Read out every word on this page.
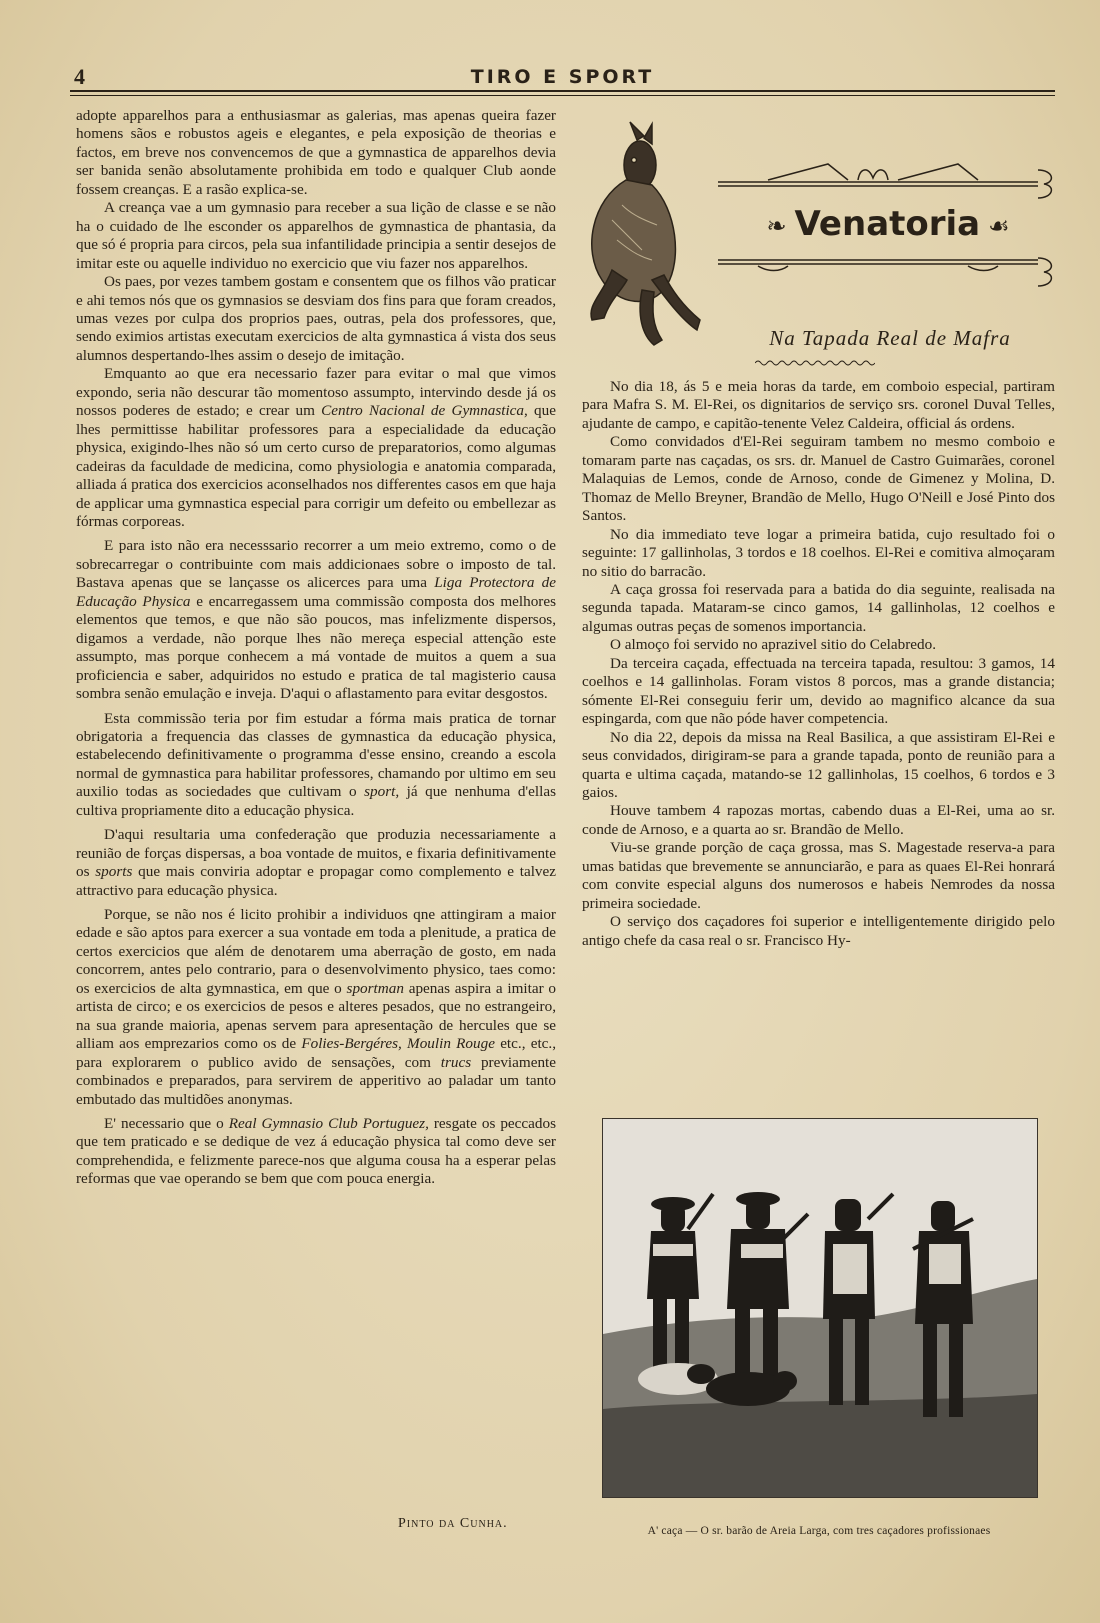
4	TIRO E SPORT

adopte apparelhos para a enthusiasmar as galerias, mas apenas queira fazer homens sãos e robustos ageis e elegantes, e pela exposição de theorias e factos, em breve nos convencemos de que a gymnastica de apparelhos devia ser banida senão absolutamente prohibida em todo e qualquer Club aonde fossem creanças. E a rasão explica-se.

A creança vae a um gymnasio para receber a sua lição de classe e se não ha o cuidado de lhe esconder os apparelhos de gymnastica de phantasia, da que só é propria para circos, pela sua infantilidade principia a sentir desejos de imitar este ou aquelle individuo no exercicio que viu fazer nos apparelhos.

Os paes, por vezes tambem gostam e consentem que os filhos vão praticar e ahi temos nós que os gymnasios se desviam dos fins para que foram creados, umas vezes por culpa dos proprios paes, outras, pela dos professores, que, sendo eximios artistas executam exercicios de alta gymnastica á vista dos seus alumnos despertando-lhes assim o desejo de imitação.

Emquanto ao que era necessario fazer para evitar o mal que vimos expondo, seria não descurar tão momentoso assumpto, intervindo desde já os nossos poderes de estado; e crear um Centro Nacional de Gymnastica, que lhes permittisse habilitar professores para a especialidade da educação physica, exigindo-lhes não só um certo curso de preparatorios, como algumas cadeiras da faculdade de medicina, como physiologia e anatomia comparada, alliada á pratica dos exercicios aconselhados nos differentes casos em que haja de applicar uma gymnastica especial para corrigir um defeito ou embellezar as fórmas corporeas.

E para isto não era necesssario recorrer a um meio extremo, como o de sobrecarregar o contribuinte com mais addicionaes sobre o imposto de tal. Bastava apenas que se lançasse os alicerces para uma Liga Protectora de Educação Physica e encarregassem uma commissão composta dos melhores elementos que temos, e que não são poucos, mas infelizmente dispersos, digamos a verdade, não porque lhes não mereça especial attenção este assumpto, mas porque conhecem a má vontade de muitos a quem a sua proficiencia e saber, adquiridos no estudo e pratica de tal magisterio causa sombra senão emulação e inveja. D'aqui o aflastamento para evitar desgostos.

Esta commissão teria por fim estudar a fórma mais pratica de tornar obrigatoria a frequencia das classes de gymnastica da educação physica, estabelecendo definitivamente o programma d'esse ensino, creando a escola normal de gymnastica para habilitar professores, chamando por ultimo em seu auxilio todas as sociedades que cultivam o sport, já que nenhuma d'ellas cultiva propriamente dito a educação physica.

D'aqui resultaria uma confederação que produzia necessariamente a reunião de forças dispersas, a boa vontade de muitos, e fixaria definitivamente os sports que mais conviria adoptar e propagar como complemento e talvez attractivo para educação physica.

Porque, se não nos é licito prohibir a individuos qne attingiram a maior edade e são aptos para exercer a sua vontade em toda a plenitude, a pratica de certos exercicios que além de denotarem uma aberração de gosto, em nada concorrem, antes pelo contrario, para o desenvolvimento physico, taes como: os exercicios de alta gymnastica, em que o sportman apenas aspira a imitar o artista de circo; e os exercicios de pesos e alteres pesados, que no estrangeiro, na sua grande maioria, apenas servem para apresentação de hercules que se alliam aos emprezarios como os de Folies-Bergéres, Moulin Rouge etc., etc., para explorarem o publico avido de sensações, com trucs previamente combinados e preparados, para servirem de apperitivo ao paladar um tanto embutado das multidões anonymas.

E' necessario que o Real Gymnasio Club Portuguez, resgate os peccados que tem praticado e se dedique de vez á educação physica tal como deve ser comprehendida, e felizmente parece-nos que alguma cousa ha a esperar pelas reformas que vae operando se bem que com pouca energia.

Pinto da Cunha.
❧ Venatoria ☙
Na Tapada Real de Mafra

No dia 18, ás 5 e meia horas da tarde, em comboio especial, partiram para Mafra S. M. El-Rei, os dignitarios de serviço srs. coronel Duval Telles, ajudante de campo, e capitão-tenente Velez Caldeira, official ás ordens.

Como convidados d'El-Rei seguiram tambem no mesmo comboio e tomaram parte nas caçadas, os srs. dr. Manuel de Castro Guimarães, coronel Malaquias de Lemos, conde de Arnoso, conde de Gimenez y Molina, D. Thomaz de Mello Breyner, Brandão de Mello, Hugo O'Neill e José Pinto dos Santos.

No dia immediato teve logar a primeira batida, cujo resultado foi o seguinte: 17 gallinholas, 3 tordos e 18 coelhos. El-Rei e comitiva almoçaram no sitio do barracão.

A caça grossa foi reservada para a batida do dia seguinte, realisada na segunda tapada. Mataram-se cinco gamos, 14 gallinholas, 12 coelhos e algumas outras peças de somenos importancia.

O almoço foi servido no aprazivel sitio do Celabredo.

Da terceira caçada, effectuada na terceira tapada, resultou: 3 gamos, 14 coelhos e 14 gallinholas. Foram vistos 8 porcos, mas a grande distancia; sómente El-Rei conseguiu ferir um, devido ao magnifico alcance da sua espingarda, com que não póde haver competencia.

No dia 22, depois da missa na Real Basilica, a que assistiram El-Rei e seus convidados, dirigiram-se para a grande tapada, ponto de reunião para a quarta e ultima caçada, matando-se 12 gallinholas, 15 coelhos, 6 tordos e 3 gaios.

Houve tambem 4 rapozas mortas, cabendo duas a El-Rei, uma ao sr. conde de Arnoso, e a quarta ao sr. Brandão de Mello.

Viu-se grande porção de caça grossa, mas S. Magestade reserva-a para umas batidas que brevemente se annunciarão, e para as quaes El-Rei honrará com convite especial alguns dos numerosos e habeis Nemrodes da nossa primeira sociedade.

O serviço dos caçadores foi superior e intelligentemente dirigido pelo antigo chefe da casa real o sr. Francisco Hy-

A' caça — O sr. barão de Areia Larga, com tres caçadores profissionaes
